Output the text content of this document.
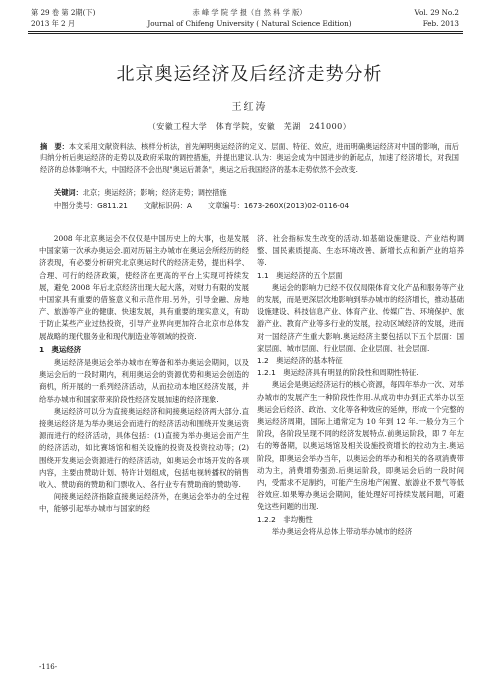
第 29 卷 第 2期(下)	赤 峰 学 院 学 报（自 然 科 学 版）	Vol. 29 No.2
2013 年 2 月	Journal of Chifeng University ( Natural Science Edition)	Feb. 2013
北京奥运经济及后经济走势分析
王红涛
（安徽工程大学　体育学院，安徽　芜湖　241000）
摘　要：本文采用文献资料法、核样分析法，首先阐明奥运经济的定义、层面、特征、效应，进而明确奥运经济对中国的影响，而后归纳分析后奥运经济的走势以及政府采取的调控措施，并提出建议.认为：奥运会成为中国进步的新起点，加速了经济增长，对我国经济的总体影响不大，中国经济不会出现"奥运后萧条"，奥运之后我国经济的基本走势依然不会改变.
关键词：北京；奥运经济；影响；经济走势；调控措施
中图分类号：G811.21 文献标识码：A 文章编号：1673-260X(2013)02-0116-04

2008 年北京奥运会不仅仅是中国历史上的大事，也是发展中国家第一次承办奥运会.面对历届主办城市在奥运会所经历的经济表现，有必要分析研究北京奥运时代的经济走势，提出科学、合理、可行的经济政策，使经济在更高的平台上实现可持续发展，避免 2008 年后北京经济出现大起大落，对财力有限的发展中国家具有重要的借鉴意义和示范作用.另外，引导金融、房地产、旅游等产业的健康、快速发展，具有重要的现实意义，有助于防止某些产业过热投资，引导产业界向更加符合北京市总体发展战略的现代服务业和现代制造业等领域的投资.

1　奥运经济

奥运经济是奥运会举办城市在筹备和举办奥运会期间，以及奥运会后的一段时期内，利用奥运会的资源优势和奥运会创造的商机，所开展的一系列经济活动，从而拉动本地区经济发展，并给举办城市和国家带来阶段性经济发展加速的经济现象.

奥运经济可以分为直接奥运经济和间接奥运经济两大部分.直接奥运经济是为举办奥运会而进行的经济活动和围绕开发奥运资源而进行的经济活动，具体包括：(1)直接为举办奥运会而产生的经济活动，如比赛场馆和相关设施的投资及投资拉动等；(2)围绕开发奥运会资源进行的经济活动，如奥运会市场开发的各项内容，主要由赞助计划、特许计划组成，包括电视转播权的销售收入、赞助商的赞助和门票收入、各行业专有赞助商的赞助等.

间接奥运经济指除直接奥运经济外，在奥运会举办的全过程中，能够引起举办城市与国家的经

济、社会指标发生改变的活动.如基础设施建设、产业结构调整、国民素质提高、生态环境改善、新增长点和新产业的培养等.

1.1　奥运经济的五个层面

奥运会的影响力已经不仅仅局限体育文化产品和服务等产业的发展，而是更深层次地影响到举办城市的经济增长，推动基础设施建设、科技信息产业、体育产业、传媒广告、环境保护、旅游产业、教育产业等多行业的发展，拉动区域经济的发展，进而对一国经济产生重大影响.奥运经济主要包括以下五个层面：国家层面、城市层面、行业层面、企业层面、社会层面.

1.2　奥运经济的基本特征

1.2.1　奥运经济具有明显的阶段性和周期性特征.

奥运会是奥运经济运行的核心资源，每四年举办一次、对举办城市的发展产生一种阶段性作用.从成功申办到正式举办以至奥运会后经济、政治、文化等各种效应的延伸，形成一个完整的奥运经济周期，国际上通常定为 10 年到 12 年.一般分为三个阶段，各阶段呈现不同的经济发展特点.前奥运阶段，即 7 年左右的筹备期，以奥运场馆及相关设施投资增长的拉动为主.奥运阶段，即奥运会举办当年，以奥运会的举办和相关的各项消费带动为主，消费增势强劲.后奥运阶段，即奥运会后的一段时间内，受需求不足制约，可能产生房地产闲置、旅游业不景气等低谷效应.如果筹办奥运会期间，能处理好可持续发展问题，可避免这些问题的出现.

1.2.2　非均衡性

举办奥运会将从总体上带动举办城市的经济

-116-
